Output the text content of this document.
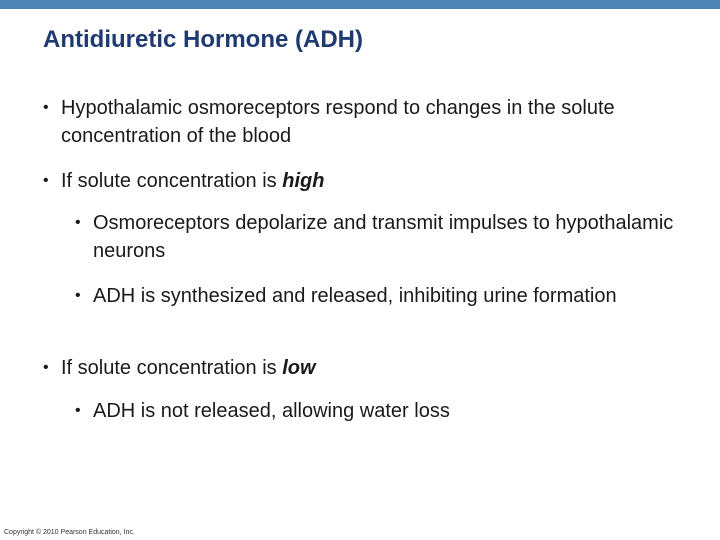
Antidiuretic Hormone (ADH)
• Hypothalamic osmoreceptors respond to changes in the solute concentration of the blood
• If solute concentration is high
• Osmoreceptors depolarize and transmit impulses to hypothalamic neurons
• ADH is synthesized and released, inhibiting urine formation
• If solute concentration is low
• ADH is not released, allowing water loss
Copyright © 2010 Pearson Education, Inc.
